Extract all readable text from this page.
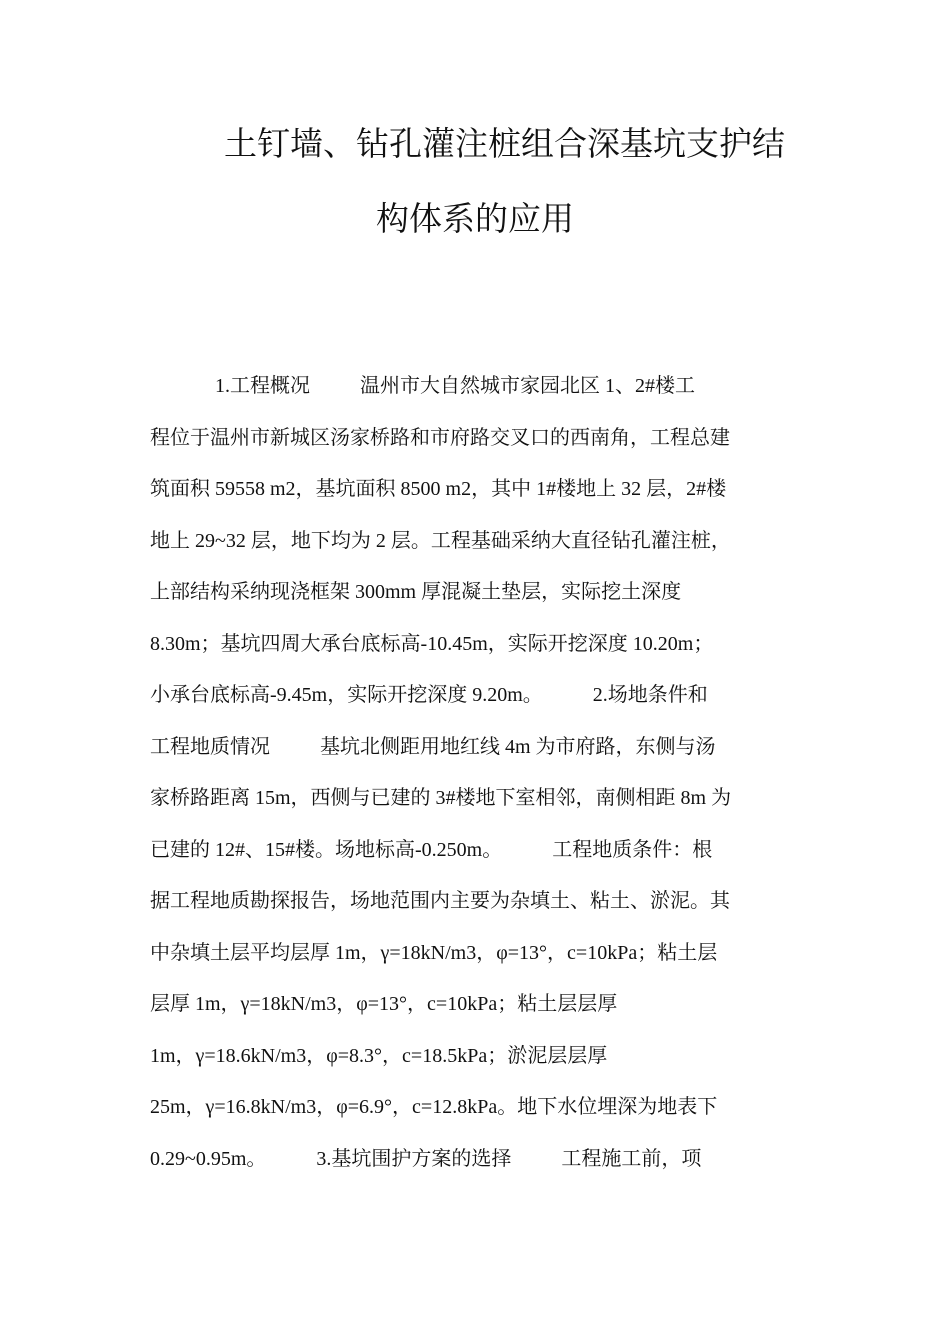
土钉墙、钻孔灌注桩组合深基坑支护结
构体系的应用
1.工程概况          温州市大自然城市家园北区 1、2#楼工
程位于温州市新城区汤家桥路和市府路交叉口的西南角，工程总建
筑面积 59558 m2，基坑面积 8500 m2，其中 1#楼地上 32 层，2#楼
地上 29~32 层，地下均为 2 层。工程基础采纳大直径钻孔灌注桩，
上部结构采纳现浇框架 300mm 厚混凝土垫层，实际挖土深度
8.30m；基坑四周大承台底标高-10.45m，实际开挖深度 10.20m；
小承台底标高-9.45m，实际开挖深度 9.20m。          2.场地条件和
工程地质情况          基坑北侧距用地红线 4m 为市府路，东侧与汤
家桥路距离 15m，西侧与已建的 3#楼地下室相邻，南侧相距 8m 为
已建的 12#、15#楼。场地标高-0.250m。          工程地质条件：根
据工程地质勘探报告，场地范围内主要为杂填土、粘土、淤泥。其
中杂填土层平均层厚 1m，γ=18kN/m3，φ=13°，c=10kPa；粘土层
层厚 1m，γ=18kN/m3，φ=13°，c=10kPa；粘土层层厚
1m，γ=18.6kN/m3，φ=8.3°，c=18.5kPa；淤泥层层厚
25m，γ=16.8kN/m3，φ=6.9°，c=12.8kPa。地下水位埋深为地表下
0.29~0.95m。          3.基坑围护方案的选择          工程施工前，项
